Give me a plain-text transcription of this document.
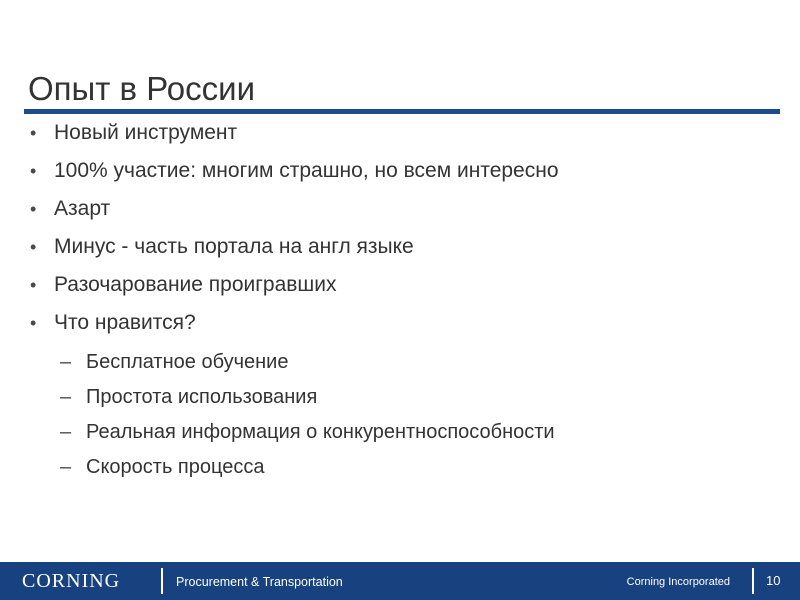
Опыт в России
• Новый инструмент
• 100% участие: многим страшно, но всем интересно
• Азарт
• Минус - часть портала на англ языке
• Разочарование проигравших
• Что нравится?
– Бесплатное обучение
– Простота использования
– Реальная информация о конкурентноспособности
– Скорость процесса
CORNING	Procurement & Transportation	Corning Incorporated	10
